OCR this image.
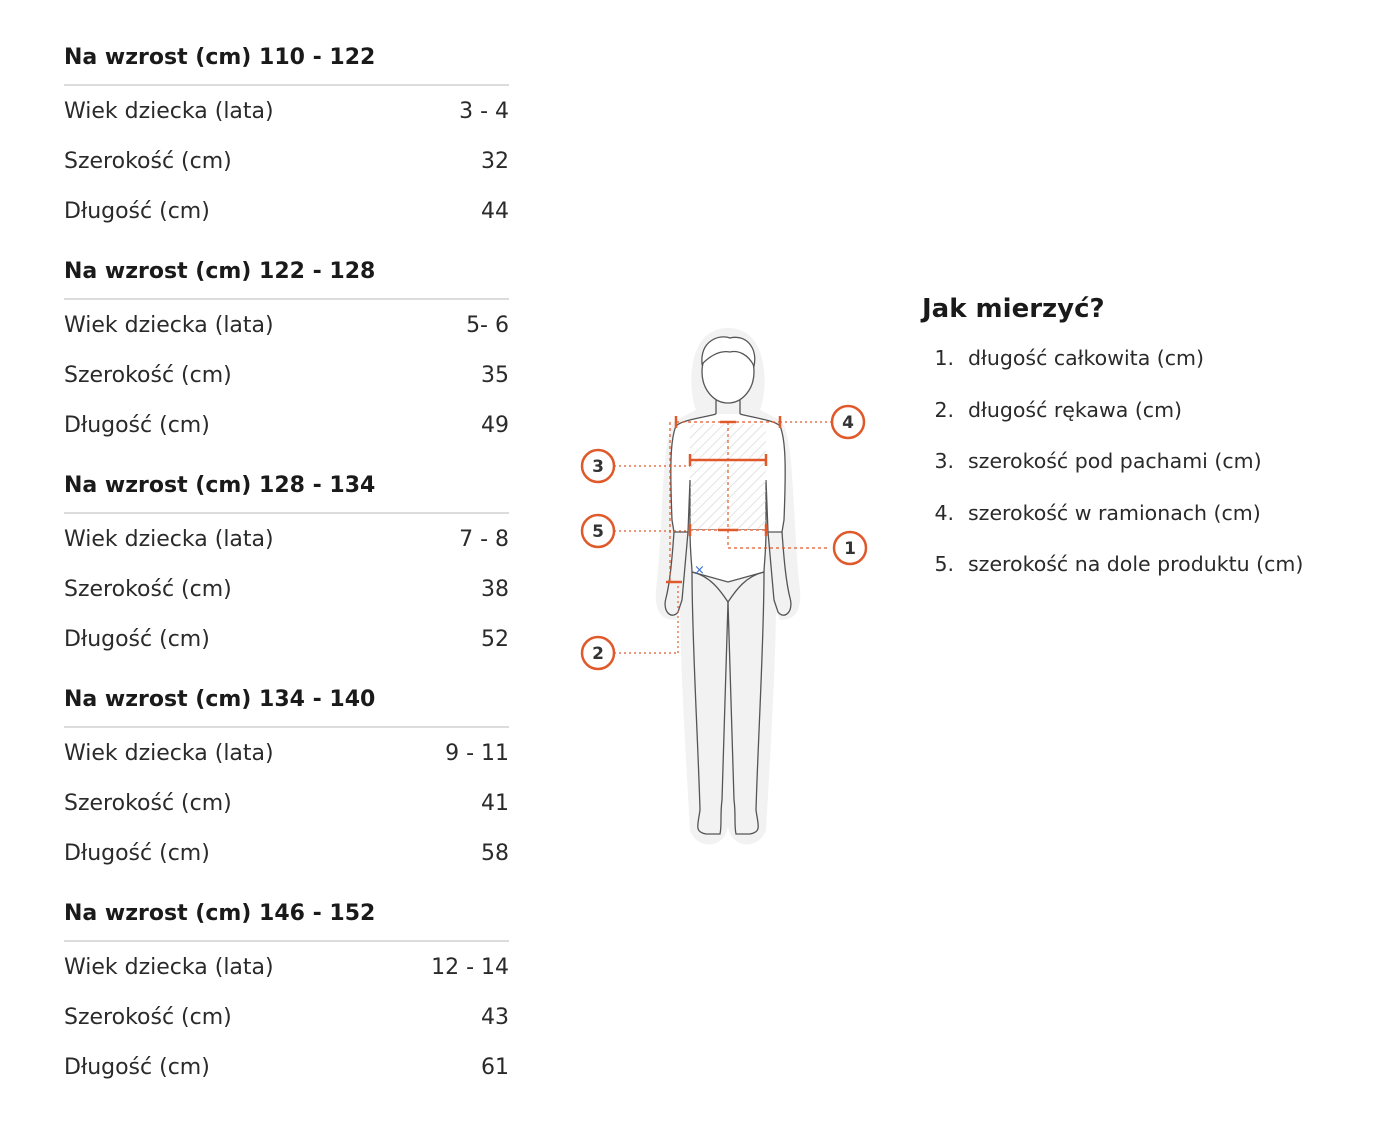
Na wzrost (cm) 110 - 122
Wiek dziecka (lata)	3 - 4
Szerokość (cm)	32
Długość (cm)	44
Na wzrost (cm) 122 - 128
Wiek dziecka (lata)	5- 6
Szerokość (cm)	35
Długość (cm)	49
Na wzrost (cm) 128 - 134
Wiek dziecka (lata)	7 - 8
Szerokość (cm)	38
Długość (cm)	52
Na wzrost (cm) 134 - 140
Wiek dziecka (lata)	9 - 11
Szerokość (cm)	41
Długość (cm)	58
Na wzrost (cm) 146 - 152
Wiek dziecka (lata)	12 - 14
Szerokość (cm)	43
Długość (cm)	61
×
1
2
3
4
5
Jak mierzyć?
1. długość całkowita (cm)
2. długość rękawa (cm)
3. szerokość pod pachami (cm)
4. szerokość w ramionach (cm)
5. szerokość na dole produktu (cm)
